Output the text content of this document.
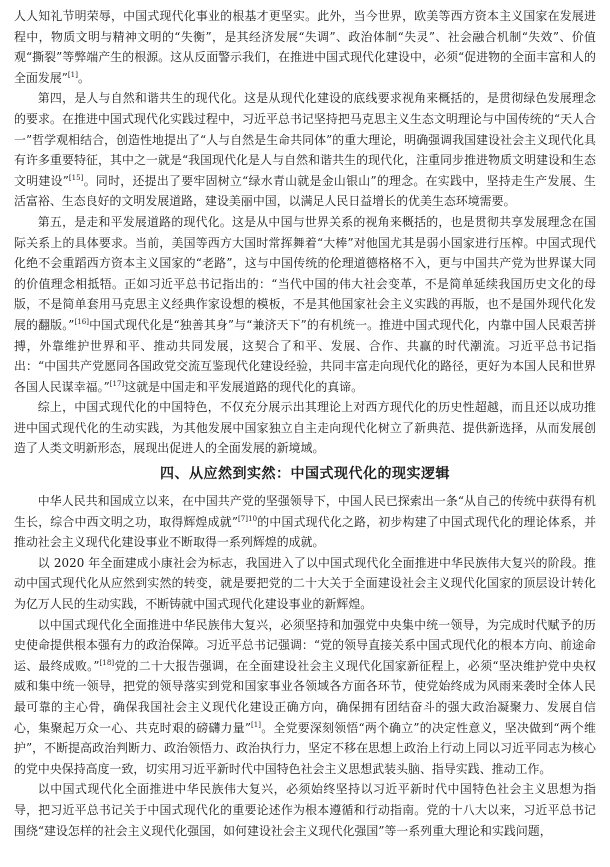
人人知礼节明荣辱，中国式现代化事业的根基才更坚实。此外，当今世界，欧美等西方资本主义国家在发展进程中，物质文明与精神文明的“失衡”，是其经济发展“失调”、政治体制“失灵”、社会融合机制“失效”、价值观“撕裂”等弊端产生的根源。这从反面警示我们，在推进中国式现代化建设中，必须“促进物的全面丰富和人的全面发展”[1]。

第四，是人与自然和谐共生的现代化。这是从现代化建设的底线要求视角来概括的，是贯彻绿色发展理念的要求。在推进中国式现代化实践过程中，习近平总书记坚持把马克思主义生态文明理论与中国传统的“天人合一”哲学观相结合，创造性地提出了“人与自然是生命共同体”的重大理论，明确强调我国建设社会主义现代化具有许多重要特征，其中之一就是“我国现代化是人与自然和谐共生的现代化，注重同步推进物质文明建设和生态文明建设”[15]。同时，还提出了要牢固树立“绿水青山就是金山银山”的理念。在实践中，坚持走生产发展、生活富裕、生态良好的文明发展道路，建设美丽中国，以满足人民日益增长的优美生态环境需要。

第五，是走和平发展道路的现代化。这是从中国与世界关系的视角来概括的，也是贯彻共享发展理念在国际关系上的具体要求。当前，美国等西方大国时常挥舞着“大棒”对他国尤其是弱小国家进行压榨。中国式现代化绝不会重蹈西方资本主义国家的“老路”，这与中国传统的伦理道德格格不入，更与中国共产党为世界谋大同的价值理念相抵牾。正如习近平总书记指出的：“当代中国的伟大社会变革，不是简单延续我国历史文化的母版，不是简单套用马克思主义经典作家设想的模板，不是其他国家社会主义实践的再版，也不是国外现代化发展的翻版。”[16]中国式现代化是“独善其身”与“兼济天下”的有机统一。推进中国式现代化，内靠中国人民艰苦拼搏，外靠维护世界和平、推动共同发展，这契合了和平、发展、合作、共赢的时代潮流。习近平总书记指出：“中国共产党愿同各国政党交流互鉴现代化建设经验，共同丰富走向现代化的路径，更好为本国人民和世界各国人民谋幸福。”[17]这就是中国走和平发展道路的现代化的真谛。

综上，中国式现代化的中国特色，不仅充分展示出其理论上对西方现代化的历史性超越，而且还以成功推进中国式现代化的生动实践，为其他发展中国家独立自主走向现代化树立了新典范、提供新选择，从而发展创造了人类文明新形态，展现出促进人的全面发展的新境域。

四、从应然到实然：中国式现代化的现实逻辑

中华人民共和国成立以来，在中国共产党的坚强领导下，中国人民已探索出一条“从自己的传统中获得有机生长，综合中西文明之功，取得辉煌成就”$^{[7]10}$的中国式现代化之路，初步构建了中国式现代化的理论体系，并推动社会主义现代化建设事业不断取得一系列辉煌的成就。

以 2020 年全面建成小康社会为标志，我国进入了以中国式现代化全面推进中华民族伟大复兴的阶段。推动中国式现代化从应然到实然的转变，就是要把党的二十大关于全面建设社会主义现代化国家的顶层设计转化为亿万人民的生动实践，不断铸就中国式现代化建设事业的新辉煌。

以中国式现代化全面推进中华民族伟大复兴，必须坚持和加强党中央集中统一领导，为完成时代赋予的历史使命提供根本强有力的政治保障。习近平总书记强调：“党的领导直接关系中国式现代化的根本方向、前途命运、最终成败。”[18]党的二十大报告强调，在全面建设社会主义现代化国家新征程上，必须“坚决维护党中央权威和集中统一领导，把党的领导落实到党和国家事业各领域各方面各环节，使党始终成为风雨来袭时全体人民最可靠的主心骨，确保我国社会主义现代化建设正确方向，确保拥有团结奋斗的强大政治凝聚力、发展自信心，集聚起万众一心、共克时艰的磅礴力量”[1]。全党要深刻领悟“两个确立”的决定性意义，坚决做到“两个维护”，不断提高政治判断力、政治领悟力、政治执行力，坚定不移在思想上政治上行动上同以习近平同志为核心的党中央保持高度一致，切实用习近平新时代中国特色社会主义思想武装头脑、指导实践、推动工作。

以中国式现代化全面推进中华民族伟大复兴，必须始终坚持以习近平新时代中国特色社会主义思想为指导，把习近平总书记关于中国式现代化的重要论述作为根本遵循和行动指南。党的十八大以来，习近平总书记围绕“建设怎样的社会主义现代化强国，如何建设社会主义现代化强国”等一系列重大理论和实践问题，
